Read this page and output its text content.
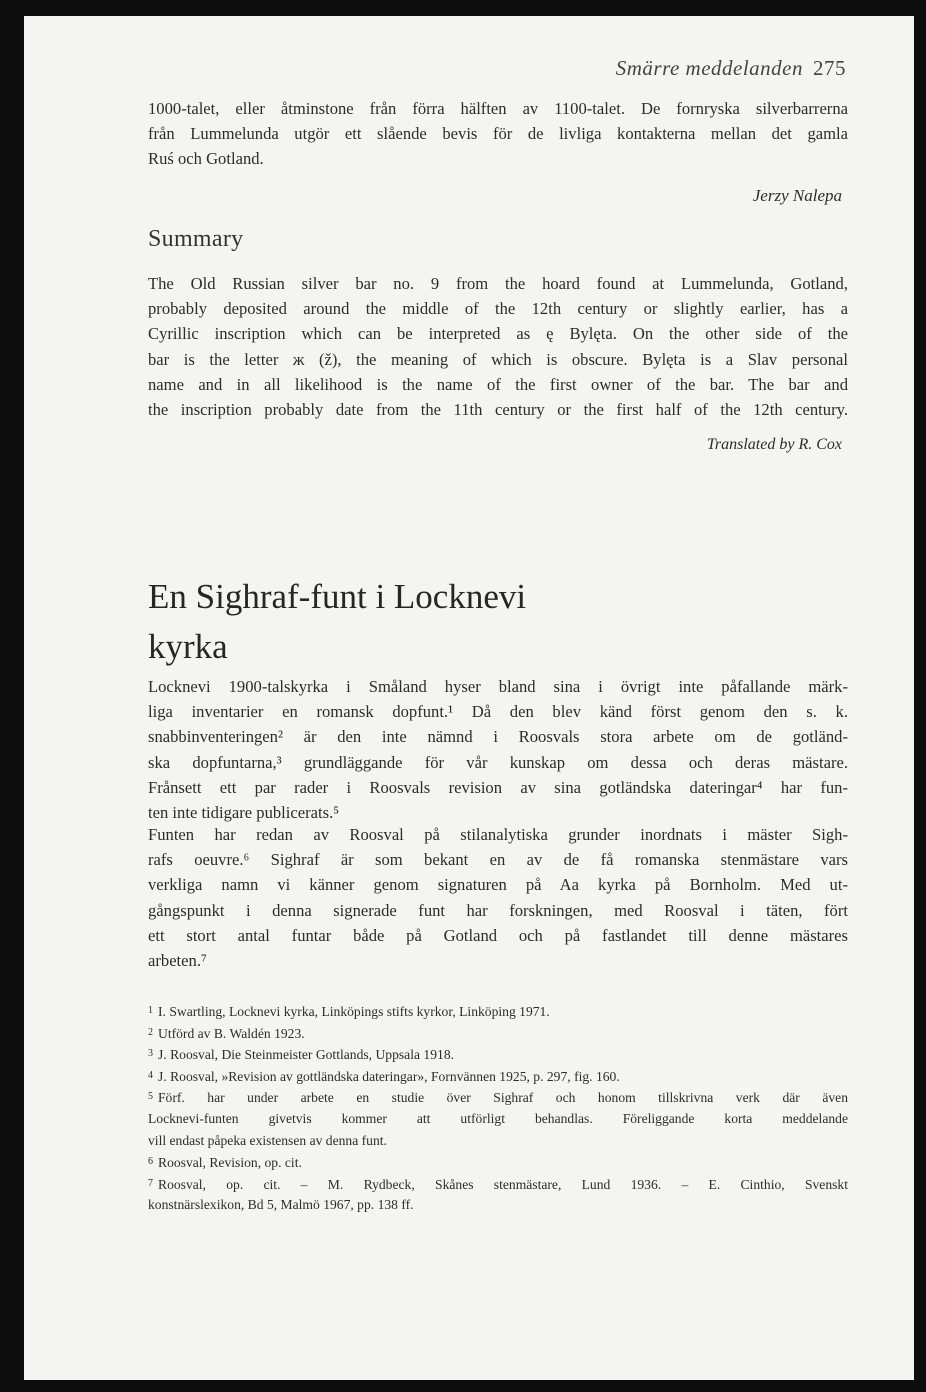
Smärre meddelanden 275
1000-talet, eller åtminstone från förra hälften av 1100-talet. De fornryska silverbarrerna
från Lummelunda utgör ett slående bevis för de livliga kontakterna mellan det gamla
Ruś och Gotland.
Jerzy Nalepa
Summary
The Old Russian silver bar no. 9 from the hoard found at Lummelunda, Gotland,
probably deposited around the middle of the 12th century or slightly earlier, has a
Cyrillic inscription which can be interpreted as ę Bylęta. On the other side of the
bar is the letter ж (ž), the meaning of which is obscure. Bylęta is a Slav personal
name and in all likelihood is the name of the first owner of the bar. The bar and
the inscription probably date from the 11th century or the first half of the 12th century.
Translated by R. Cox
En Sighraf-funt i Locknevi
kyrka
Locknevi 1900-talskyrka i Småland hyser bland sina i övrigt inte påfallande märk-
liga inventarier en romansk dopfunt.¹ Då den blev känd först genom den s. k.
snabbinventeringen² är den inte nämnd i Roosvals stora arbete om de gotländ-
ska dopfuntarna,³ grundläggande för vår kunskap om dessa och deras mästare.
Frånsett ett par rader i Roosvals revision av sina gotländska dateringar⁴ har fun-
ten inte tidigare publicerats.⁵
Funten har redan av Roosval på stilanalytiska grunder inordnats i mäster Sigh-
rafs oeuvre.⁶ Sighraf är som bekant en av de få romanska stenmästare vars
verkliga namn vi känner genom signaturen på Aa kyrka på Bornholm. Med ut-
gångspunkt i denna signerade funt har forskningen, med Roosval i täten, fört
ett stort antal funtar både på Gotland och på fastlandet till denne mästares
arbeten.⁷
$^1$ I. Swartling, Locknevi kyrka, Linköpings stifts kyrkor, Linköping 1971.
$^2$ Utförd av B. Waldén 1923.
$^3$ J. Roosval, Die Steinmeister Gottlands, Uppsala 1918.
$^4$ J. Roosval, »Revision av gottländska dateringar», Fornvännen 1925, p. 297, fig. 160.
$^5$ Förf. har under arbete en studie över Sighraf och honom tillskrivna verk där även
Locknevi-funten givetvis kommer att utförligt behandlas. Föreliggande korta meddelande
vill endast påpeka existensen av denna funt.
$^6$ Roosval, Revision, op. cit.
$^7$ Roosval, op. cit. – M. Rydbeck, Skånes stenmästare, Lund 1936. – E. Cinthio, Svenskt
konstnärslexikon, Bd 5, Malmö 1967, pp. 138 ff.
